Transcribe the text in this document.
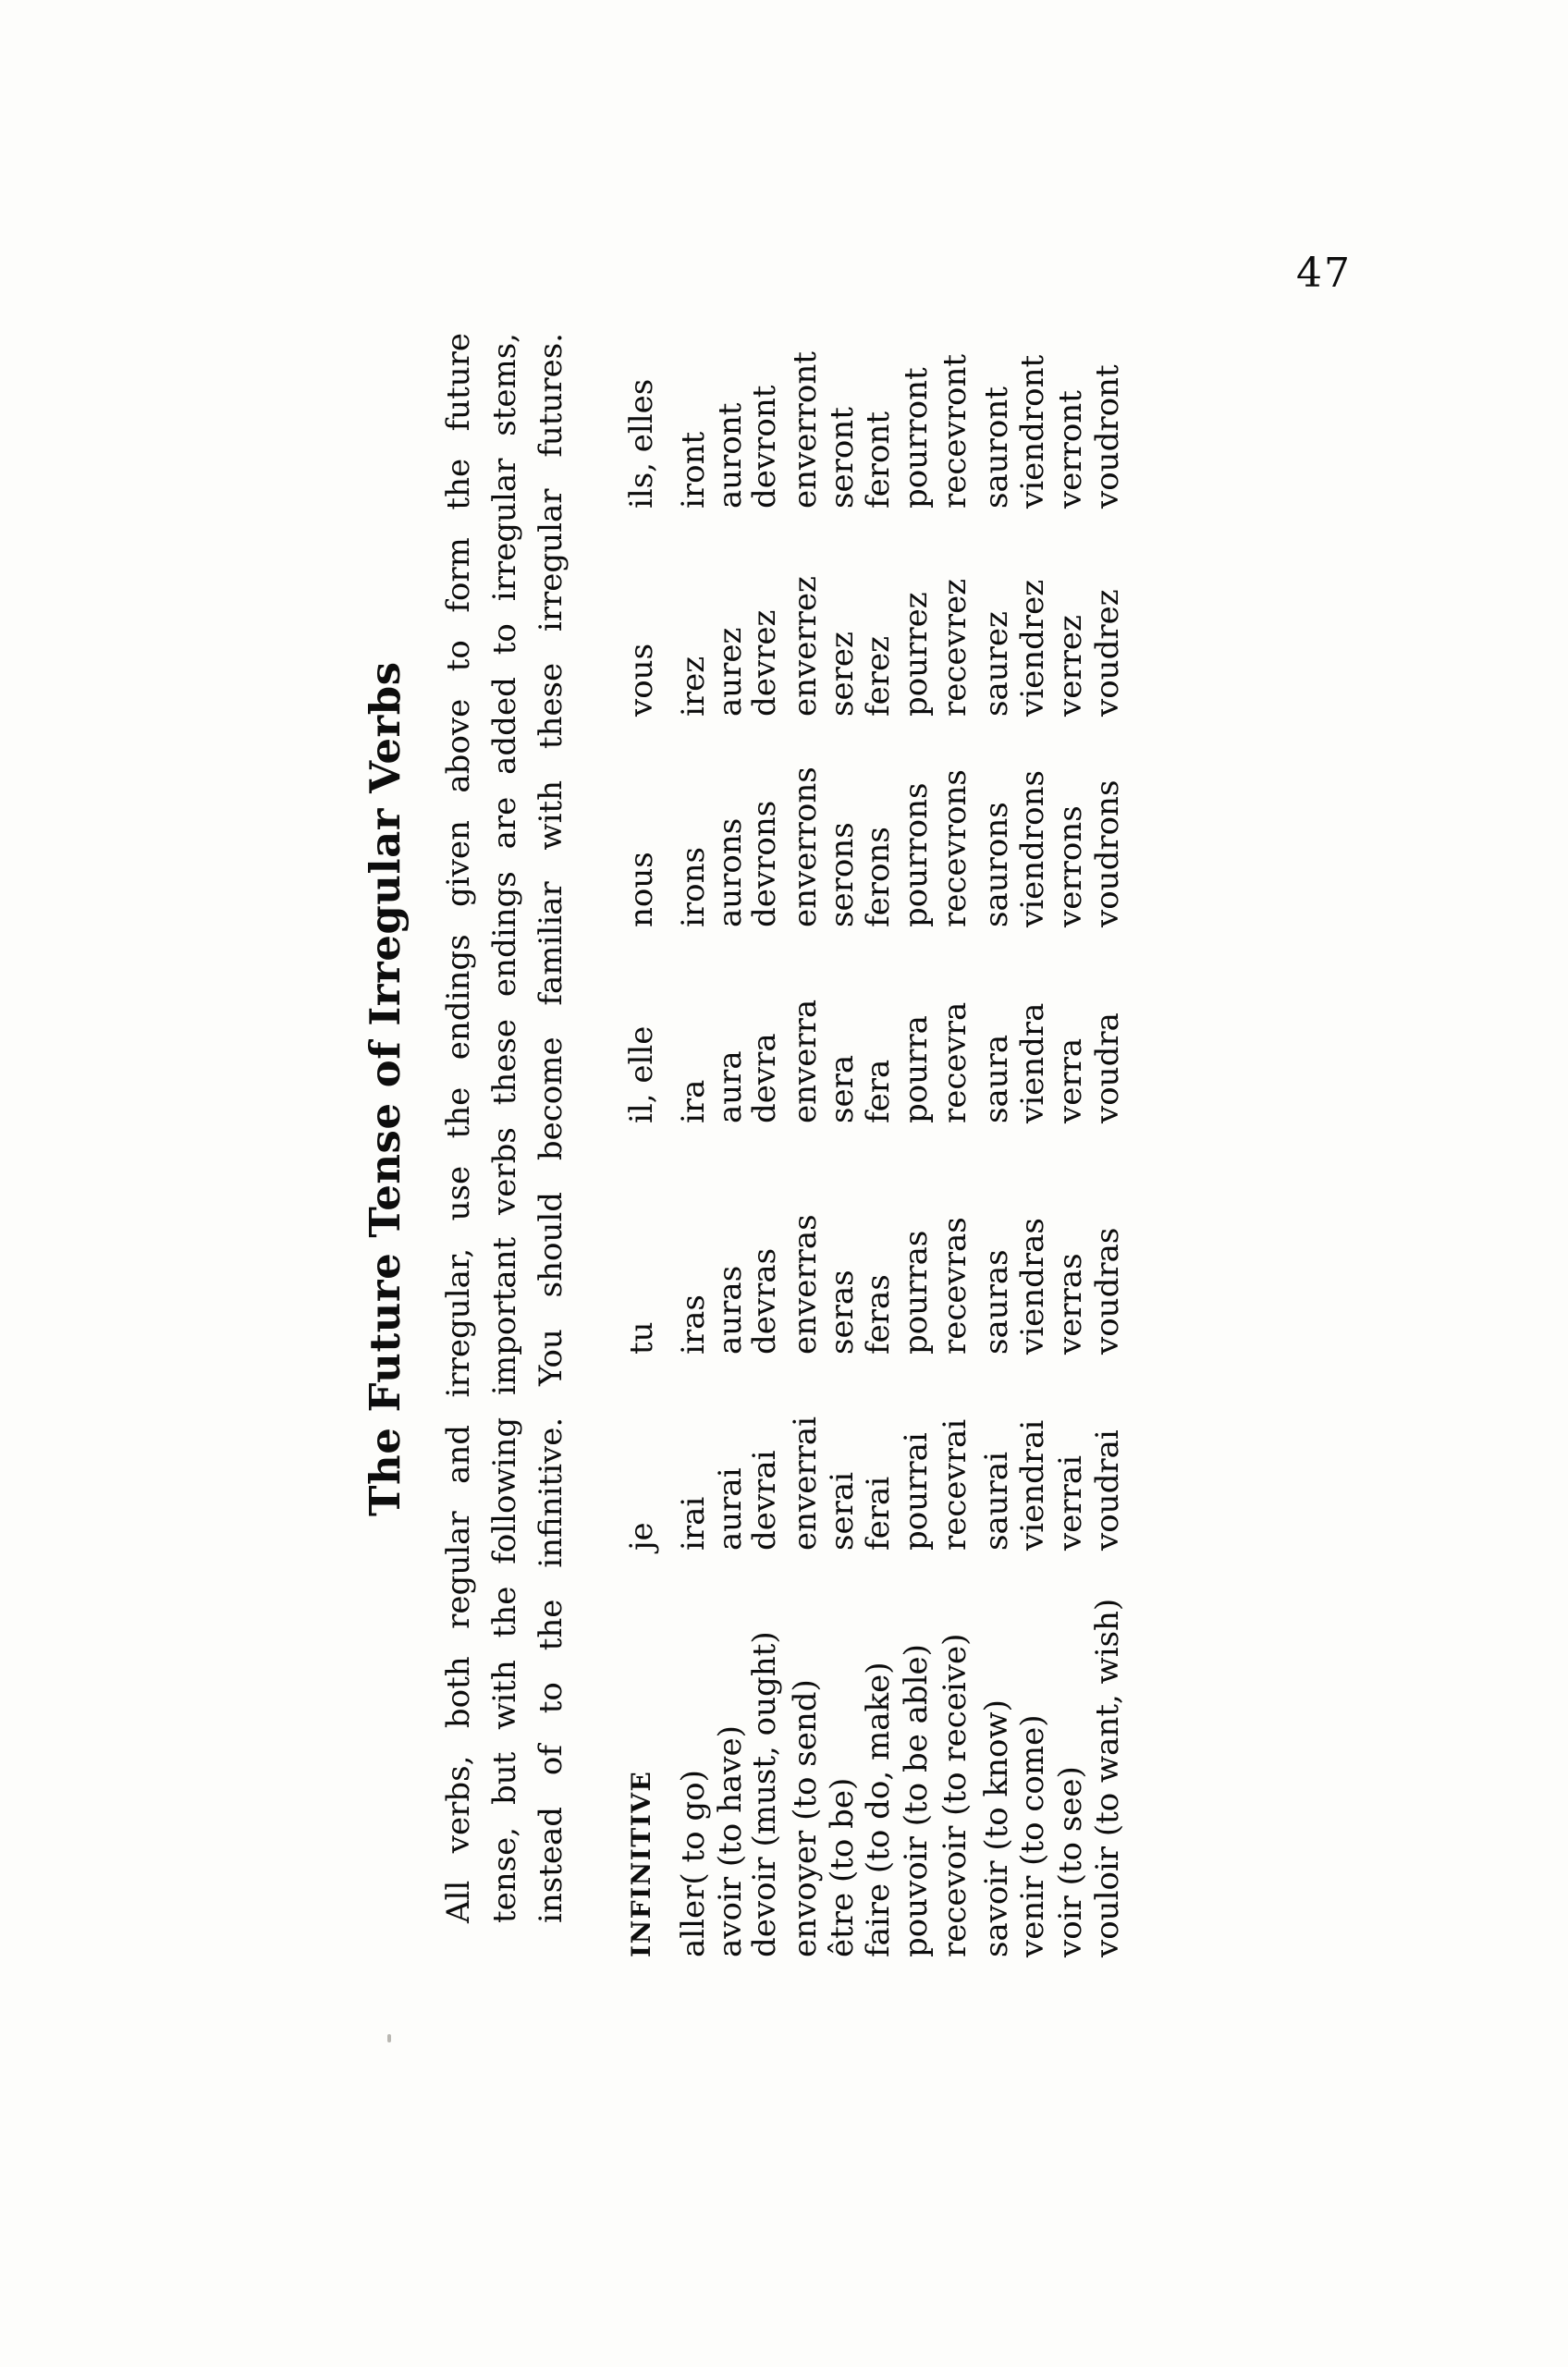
47
The Future Tense of Irregular Verbs All verbs, both regular and irregular, use the endings given above to form the future tense, but with the following important verbs these endings are added to irregular stems, instead of to the infinitive. You should become familiar with these irregular futures. INFINITIVE
je
tu
il, elle
nous
vous
ils, elles
aller( to go)
irai
iras
ira
irons
irez
iront
avoir (to have)
aurai
auras
aura
aurons
aurez
auront
devoir (must, ought)
devrai
devras
devra
devrons
devrez
devront
envoyer (to send)
enverrai
enverras
enverra
enverrons
enverrez
enverront
être (to be)
serai
seras
sera
serons
serez
seront
faire (to do, make)
ferai
feras
fera
ferons
ferez
feront
pouvoir (to be able)
pourrai
pourras
pourra
pourrons
pourrez
pourront
recevoir (to receive)
recevrai
recevras
recevra
recevrons
recevrez
recevront
savoir (to know)
saurai
sauras
saura
saurons
saurez
sauront
venir (to come)
viendrai
viendras
viendra
viendrons
viendrez
viendront
voir (to see)
verrai
verras
verra
verrons
verrez
verront
vouloir (to want, wish)
voudrai
voudras
voudra
voudrons
voudrez
voudront
